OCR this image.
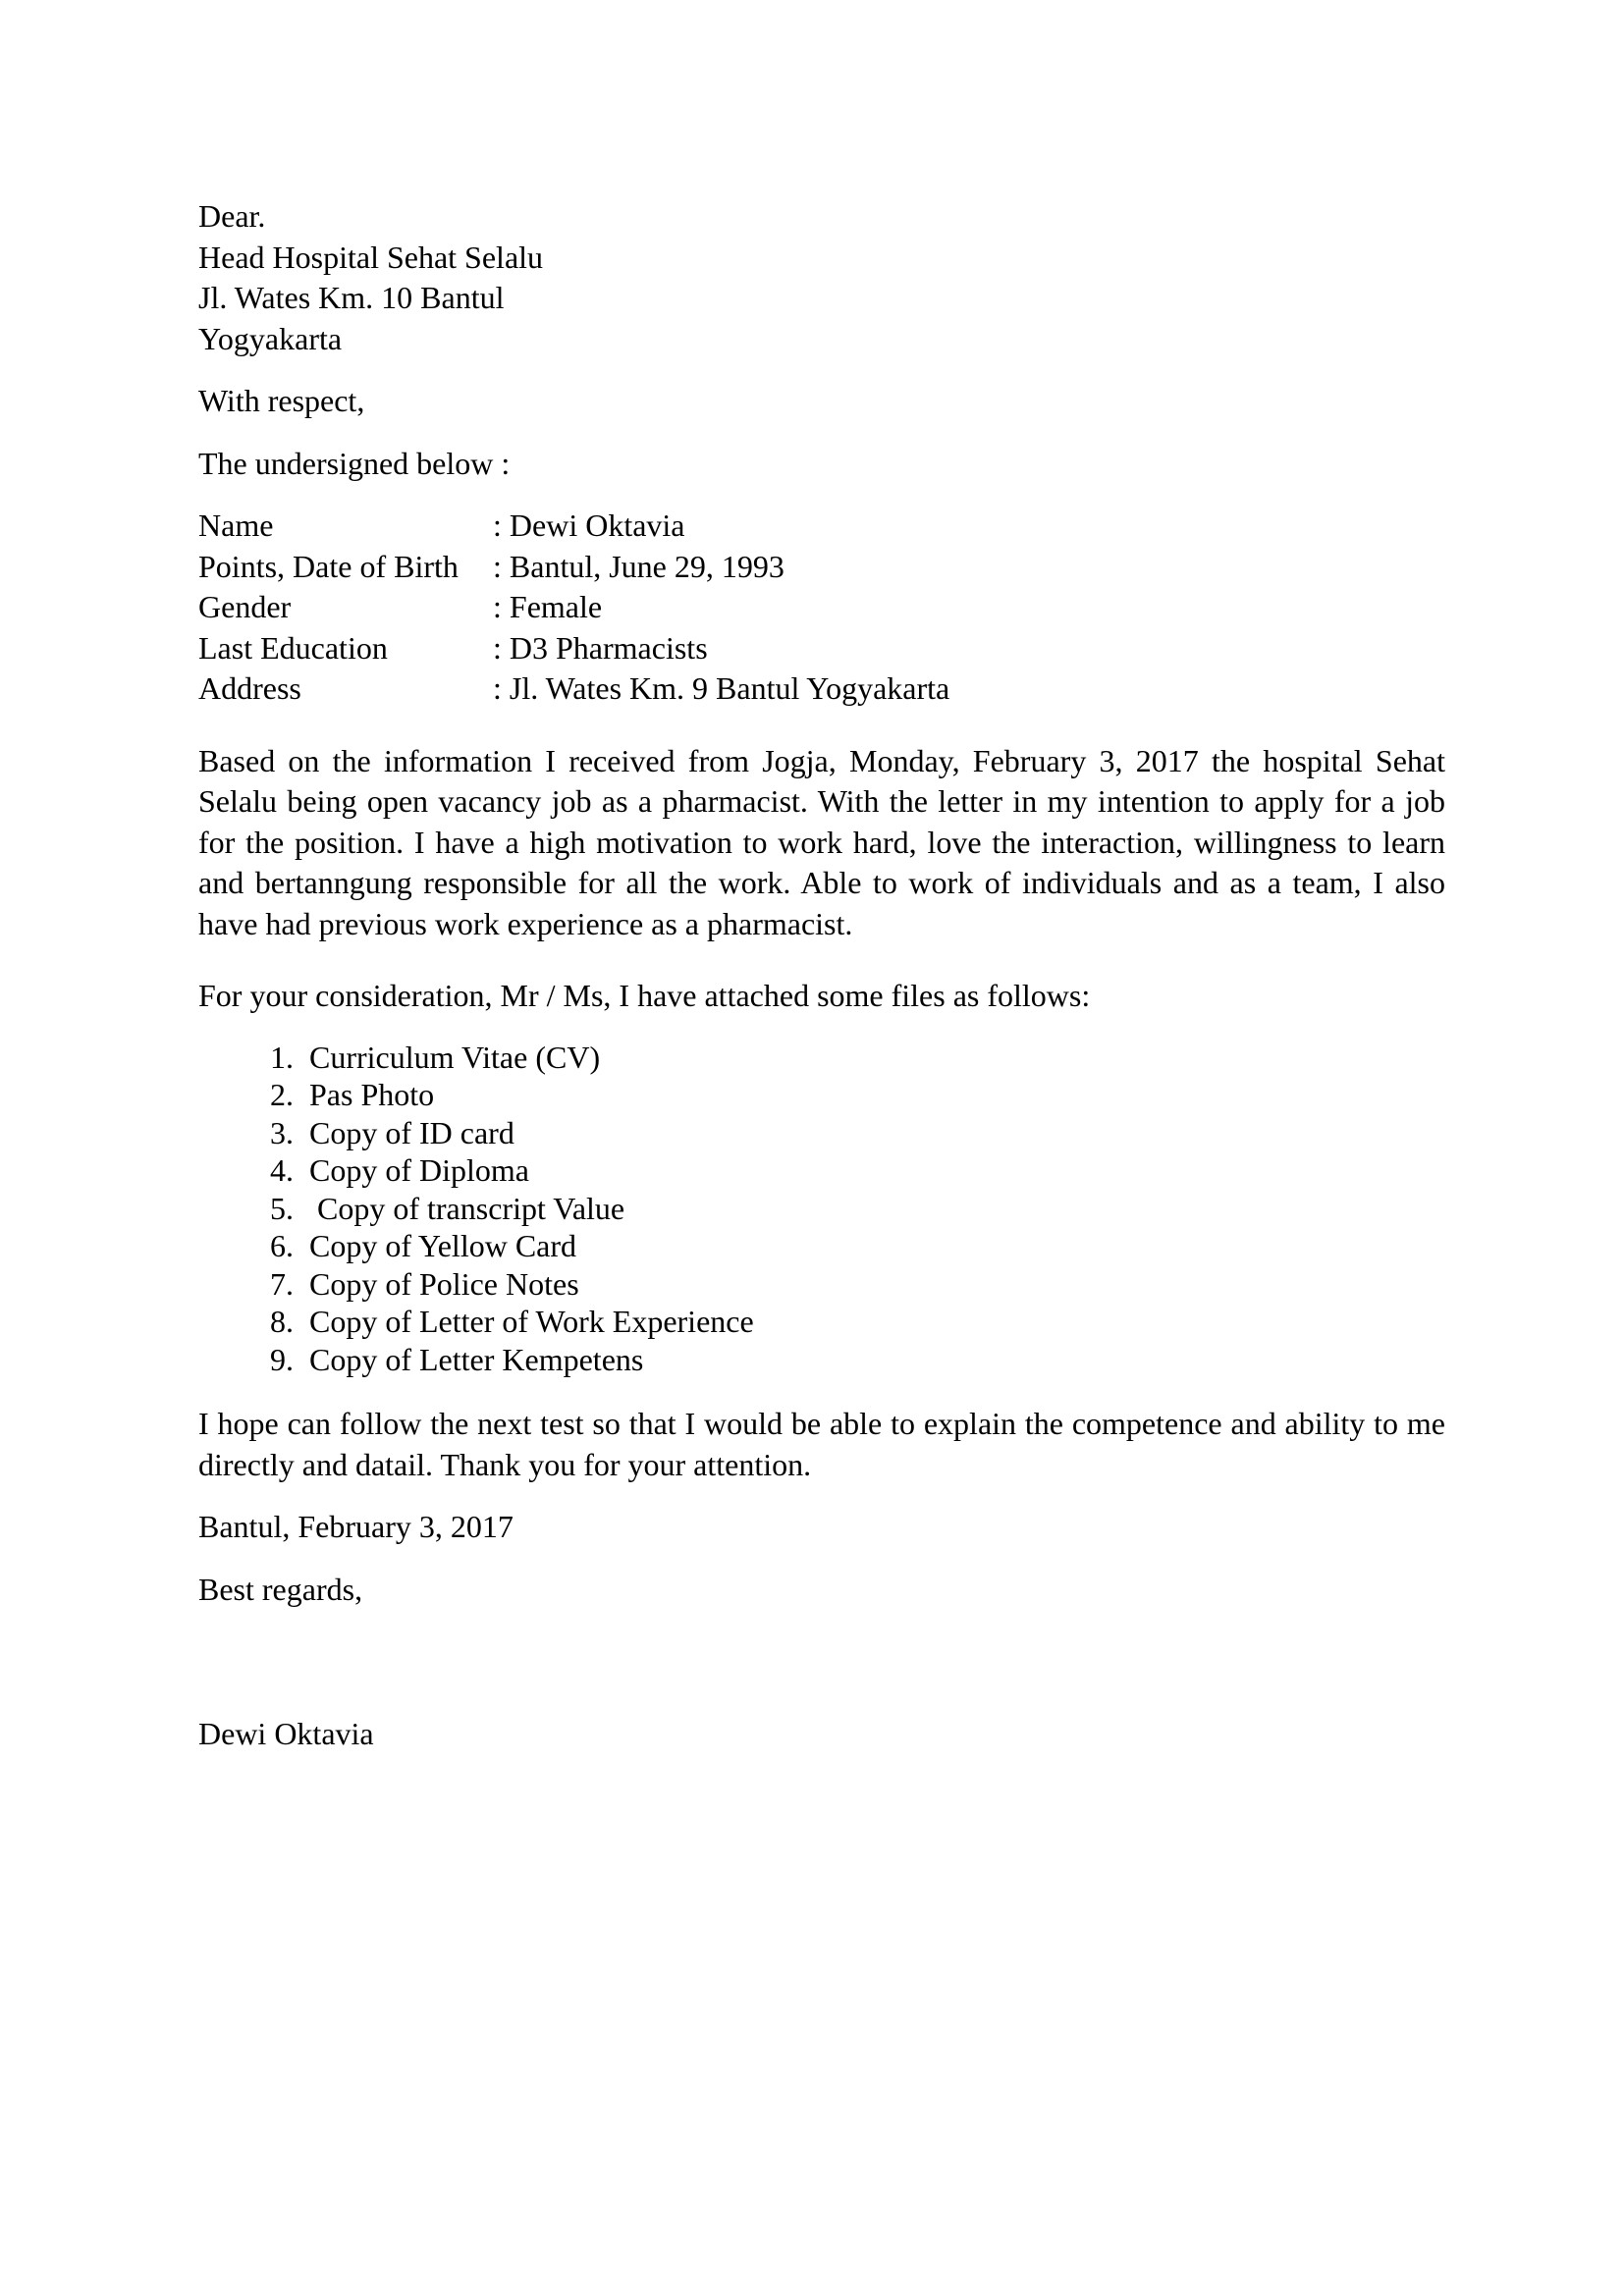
Dear.
Head Hospital Sehat Selalu
Jl. Wates Km. 10 Bantul
Yogyakarta
With respect,
The undersigned below :
Name	: Dewi Oktavia
Points, Date of Birth	: Bantul, June 29, 1993
Gender	: Female
Last Education	: D3 Pharmacists
Address	: Jl. Wates Km. 9 Bantul Yogyakarta

Based on the information I received from Jogja, Monday, February 3, 2017 the hospital Sehat Selalu being open vacancy job as a pharmacist. With the letter in my intention to apply for a job for the position. I have a high motivation to work hard, love the interaction, willingness to learn and bertanngung responsible for all the work. Able to work of individuals and as a team, I also have had previous work experience as a pharmacist.

For your consideration, Mr / Ms, I have attached some files as follows:
1. Curriculum Vitae (CV)
2. Pas Photo
3. Copy of ID card
4. Copy of Diploma
5. Copy of transcript Value
6. Copy of Yellow Card
7. Copy of Police Notes
8. Copy of Letter of Work Experience
9. Copy of Letter Kempetens

I hope can follow the next test so that I would be able to explain the competence and ability to me directly and datail. Thank you for your attention.

Bantul, February 3, 2017
Best regards,
Dewi Oktavia
